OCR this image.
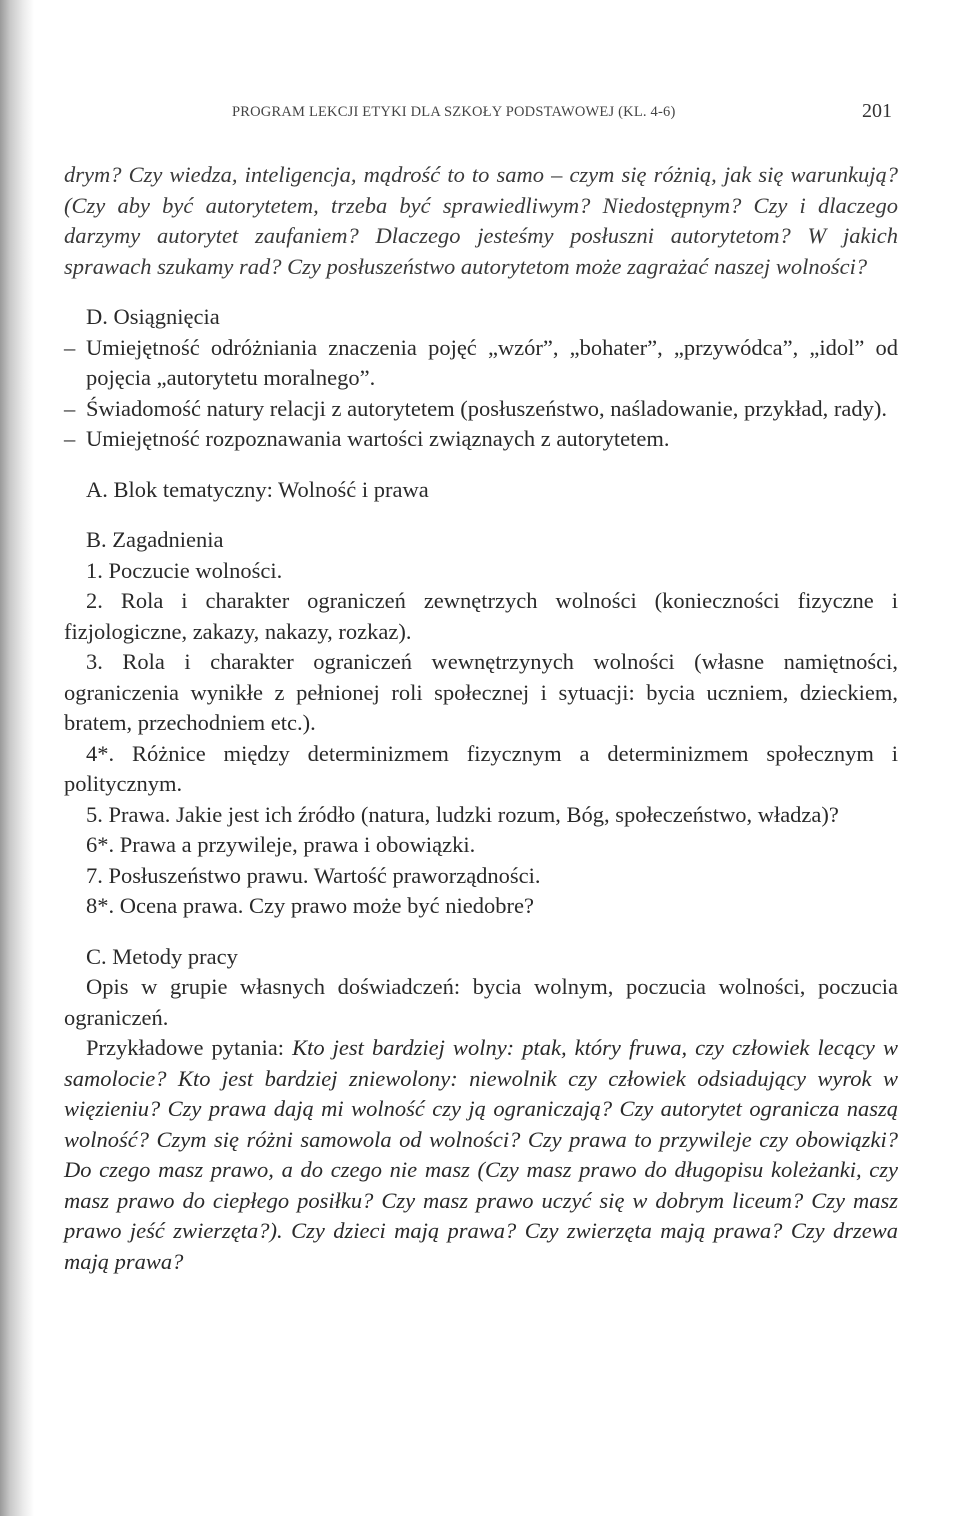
PROGRAM LEKCJI ETYKI DLA SZKOŁY PODSTAWOWEJ (KL. 4-6)	201

drym? Czy wiedza, inteligencja, mądrość to to samo – czym się różnią, jak się warunkują? (Czy aby być autorytetem, trzeba być sprawiedliwym? Niedostępnym? Czy i dlaczego darzymy autorytet zaufaniem? Dlaczego jesteśmy posłuszni autorytetom? W jakich sprawach szukamy rad? Czy posłuszeństwo autorytetom może zagrażać naszej wolności?

D. Osiągnięcia

– Umiejętność odróżniania znaczenia pojęć „wzór”, „bohater”, „przywódca”, „idol” od pojęcia „autorytetu moralnego”.
– Świadomość natury relacji z autorytetem (posłuszeństwo, naśladowanie, przykład, rady).
– Umiejętność rozpoznawania wartości związnaych z autorytetem.

A. Blok tematyczny: Wolność i prawa

B. Zagadnienia

1. Poczucie wolności.

2. Rola i charakter ograniczeń zewnętrzych wolności (konieczności fizyczne i fizjologiczne, zakazy, nakazy, rozkaz).

3. Rola i charakter ograniczeń wewnętrzynych wolności (własne namiętności, ograniczenia wynikłe z pełnionej roli społecznej i sytuacji: bycia uczniem, dzieckiem, bratem, przechodniem etc.).

4*. Różnice między determinizmem fizycznym a determinizmem społecznym i politycznym.

5. Prawa. Jakie jest ich źródło (natura, ludzki rozum, Bóg, społeczeństwo, władza)?

6*. Prawa a przywileje, prawa i obowiązki.

7. Posłuszeństwo prawu. Wartość praworządności.

8*. Ocena prawa. Czy prawo może być niedobre?

C. Metody pracy

Opis w grupie własnych doświadczeń: bycia wolnym, poczucia wolności, poczucia ograniczeń.

Przykładowe pytania: Kto jest bardziej wolny: ptak, który fruwa, czy człowiek lecący w samolocie? Kto jest bardziej zniewolony: niewolnik czy człowiek odsiadujący wyrok w więzieniu? Czy prawa dają mi wolność czy ją ograniczają? Czy autorytet ogranicza naszą wolność? Czym się różni samowola od wolności? Czy prawa to przywileje czy obowiązki? Do czego masz prawo, a do czego nie masz (Czy masz prawo do długopisu koleżanki, czy masz prawo do ciepłego posiłku? Czy masz prawo uczyć się w dobrym liceum? Czy masz prawo jeść zwierzęta?). Czy dzieci mają prawa? Czy zwierzęta mają prawa? Czy drzewa mają prawa?
